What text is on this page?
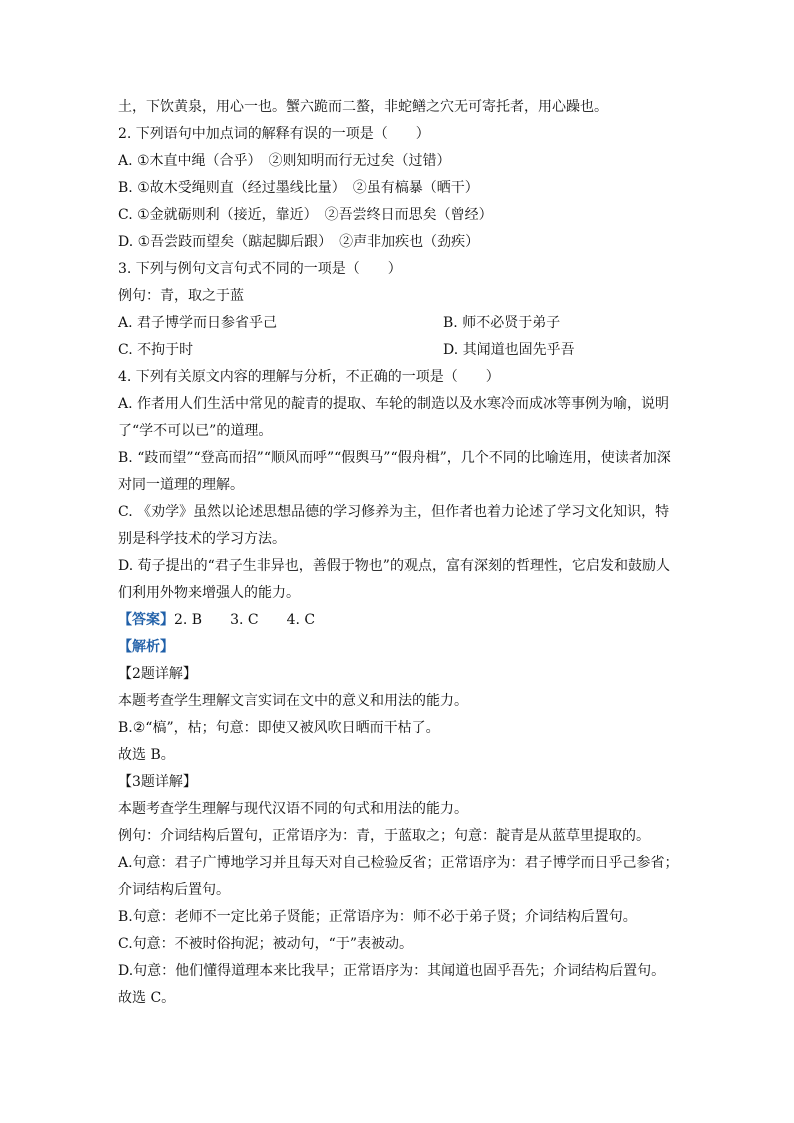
土，下饮黄泉，用心一也。蟹六跪而二螯，非蛇鳝之穴无可寄托者，用心躁也。
2. 下列语句中加点词的解释有误的一项是（　　）
A. ①木直中绳（合乎）　②则知明而行无过矣（过错）
B. ①故木受绳则直（经过墨线比量）　②虽有槁暴（晒干）
C. ①金就砺则利（接近，靠近）　②吾尝终日而思矣（曾经）
D. ①吾尝跂而望矣（踮起脚后跟）　②声非加疾也（劲疾）
3. 下列与例句文言句式不同的一项是（　　）
例句：青，取之于蓝
A. 君子博学而日参省乎己	B. 师不必贤于弟子
C. 不拘于时	D. 其闻道也固先乎吾
4. 下列有关原文内容的理解与分析，不正确的一项是（　　）
A. 作者用人们生活中常见的靛青的提取、车轮的制造以及水寒冷而成冰等事例为喻，说明了“学不可以已”的道理。
B. “跂而望”“登高而招”“顺风而呼”“假舆马”“假舟楫”，几个不同的比喻连用，使读者加深对同一道理的理解。
C. 《劝学》虽然以论述思想品德的学习修养为主，但作者也着力论述了学习文化知识，特别是科学技术的学习方法。
D. 荀子提出的“君子生非异也，善假于物也”的观点，富有深刻的哲理性，它启发和鼓励人们利用外物来增强人的能力。
【答案】2. B　　3. C　　4. C
【解析】
【2题详解】
本题考查学生理解文言实词在文中的意义和用法的能力。
B.②“槁”，枯；句意：即使又被风吹日晒而干枯了。
故选 B。
【3题详解】
本题考查学生理解与现代汉语不同的句式和用法的能力。
例句：介词结构后置句，正常语序为：青，于蓝取之；句意：靛青是从蓝草里提取的。
A.句意：君子广博地学习并且每天对自己检验反省；正常语序为：君子博学而日乎己参省；介词结构后置句。
B.句意：老师不一定比弟子贤能；正常语序为：师不必于弟子贤；介词结构后置句。
C.句意：不被时俗拘泥；被动句，“于”表被动。
D.句意：他们懂得道理本来比我早；正常语序为：其闻道也固乎吾先；介词结构后置句。
故选 C。
